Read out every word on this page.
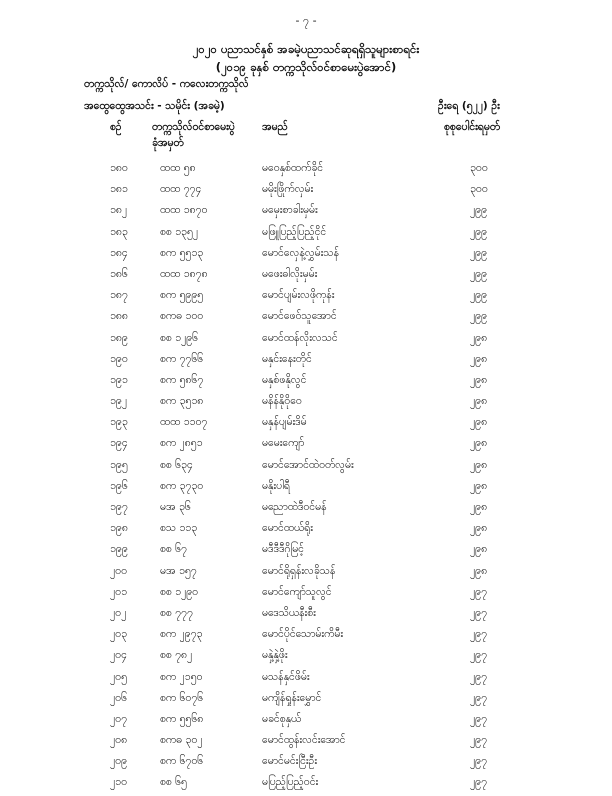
- ၇ -
၂၀၂၀ ပညာသင်နှစ် အခမဲ့ပညာသင်ဆုရရှိသူများစာရင်း
(၂၀၁၉ ခုနှစ် တက္ကသိုလ်ဝင်စာမေးပွဲအောင်)
တက္ကသိုလ်/ ကောလိပ် - ကလေးတက္ကသိုလ်
အထွေထွေအသင်း - သမိုင်း (အခမဲ့)	ဦးရေ (၅၂၂) ဦး
စဉ်	တက္ကသိုလ်ဝင်စာမေးပွဲ
ခုံအမှတ်
အမည်	စုစုပေါင်းရမှတ်
၁၈၀	ထထ ၅၈	မဝေနှစ်ထက်ခိုင်	၃၀၀
၁၈၁	ထထ ၇၇၄	မမိုးဖြိုက်လှမ်း	၃၀၀
၁၈၂	ထထ ၁၈၇၀	မမှေးစာခါးမှမ်း	၂၉၉
၁၈၃	စစ ၁၃၅၂	မဖြူပြည့်ပြည့်ငိုင်	၂၉၉
၁၈၄	စက ၅၅၁၃	မောင်လှေနဲ့လွှမ်းသန်	၂၉၉
၁၈၆	ထထ ၁၈၇၈	မဖေးဓါလိုးမှမ်း	၂၉၉
၁၈၇	စက ၅၉၉၅	မောင်ပျမ်းလဖိုကုန်း	၂၉၉
၁၈၈	စကဓ ၁၀၀	မောင်ဖေဝ်သူအောင်	၂၉၉
၁၈၉	စစ ၁၂၉၆	မောင်ထန်လိုးလသင်	၂၉၈
၁၉၀	စက ၇၇၆၆	မနှင်းနေးတိုင်	၂၉၈
၁၉၁	စက ၅၈၆၇	မနှစ်ဖနိုလွင်	၂၉၈
၁၉၂	စက ၃၅၁၈	မနိန်နိုဝိုဝေ	၂၉၈
၁၉၃	ထထ ၁၁၀၇	မနှန်ပျမ်းဒိမ်	၂၉၈
၁၉၄	စက ၂၈၅၁	မမေးကျော်	၂၉၈
၁၉၅	စစ ၆၃၄	မောင်အောင်ထဲဝတ်လွမ်း	၂၉၈
၁၉၆	စက ၃၇၃၀	မနိုးပါရီ	၂၉၈
၁၉၇	မအ ၃၆	မညောထဲဒီဝင်မန်	၂၉၈
၁၉၈	စသ ၁၁၃	မောင်ထယ်ရိုး	၂၉၈
၁၉၉	စစ ၆၇	မဒီဒီဒီဂိုမြင့်	၂၉၈
၂၀၀	မအ ၁၅၇	မောင်ရိုရှန်းလခိုသန်	၂၉၈
၂၀၁	စစ ၁၂၉၀	မောင်ကျော်သူလွင်	၂၉၇
၂၀၂	စစ ၇၇၇	မဒေသိယနီးစီး	၂၉၇
၂၀၃	စက ၂၉၇၃	မောင်ပိုင်သောမ်းကိမီး	၂၉၇
၂၀၄	စစ ၇၈၂	မနှဲ့နှဲ့ဖိုး	၂၉၇
၂၀၅	စက ၂၁၅၀	မသန်နှင်ဖိမ်း	၂၉၇
၂၀၆	စက ၆၀၇၆	မကျိန်ရှုန်းမွှောင်	၂၉၇
၂၀၇	စက ၅၅၆၈	မခင်စုနှယ်	၂၉၇
၂၀၈	စကဓ ၃၀၂	မောင်ထွန်းလင်းအောင်	၂၉၇
၂၀၉	စက ၆၇၀၆	မောင်မင်းငြီးဦး	၂၉၇
၂၁၀	စစ ၆၅	မပြည့်ပြည့်ဝင်း	၂၉၇
